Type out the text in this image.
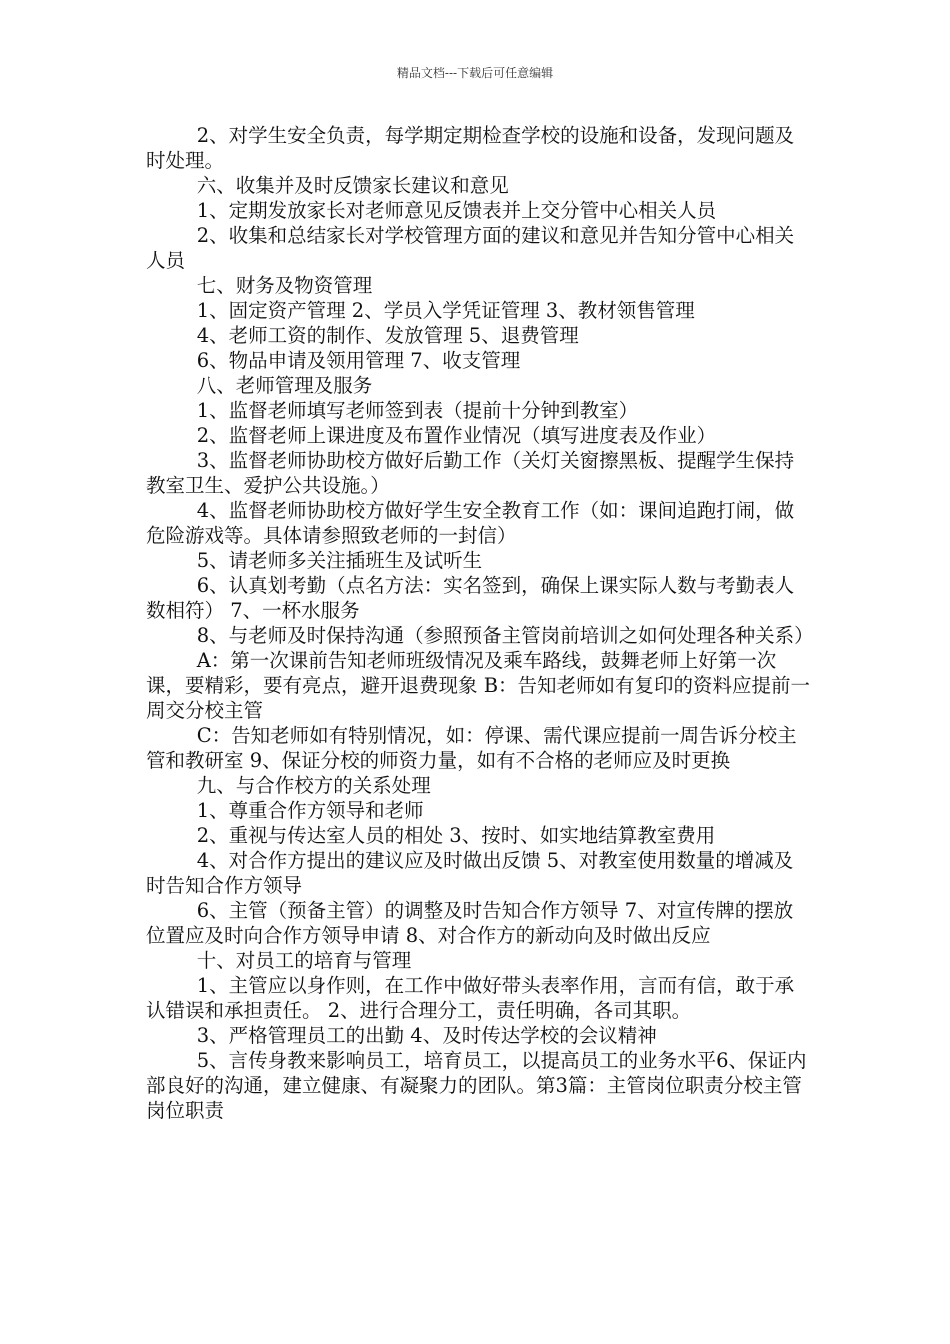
精品文档---下载后可任意编辑

2、对学生安全负责，每学期定期检查学校的设施和设备，发现问题及时处理。

六、收集并及时反馈家长建议和意见

1、定期发放家长对老师意见反馈表并上交分管中心相关人员

2、收集和总结家长对学校管理方面的建议和意见并告知分管中心相关人员

七、财务及物资管理

1、固定资产管理 2、学员入学凭证管理 3、教材领售管理

4、老师工资的制作、发放管理 5、退费管理

6、物品申请及领用管理 7、收支管理

八、老师管理及服务

1、监督老师填写老师签到表（提前十分钟到教室）

2、监督老师上课进度及布置作业情况（填写进度表及作业）

3、监督老师协助校方做好后勤工作（关灯关窗擦黑板、提醒学生保持教室卫生、爱护公共设施。）

4、监督老师协助校方做好学生安全教育工作（如：课间追跑打闹，做危险游戏等。具体请参照致老师的一封信）

5、请老师多关注插班生及试听生

6、认真划考勤（点名方法：实名签到，确保上课实际人数与考勤表人数相符） 7、一杯水服务

8、与老师及时保持沟通（参照预备主管岗前培训之如何处理各种关系）

A：第一次课前告知老师班级情况及乘车路线，鼓舞老师上好第一次课，要精彩，要有亮点，避开退费现象 B：告知老师如有复印的资料应提前一周交分校主管

C：告知老师如有特别情况，如：停课、需代课应提前一周告诉分校主管和教研室 9、保证分校的师资力量，如有不合格的老师应及时更换

九、与合作校方的关系处理

1、尊重合作方领导和老师

2、重视与传达室人员的相处 3、按时、如实地结算教室费用

4、对合作方提出的建议应及时做出反馈 5、对教室使用数量的增减及时告知合作方领导

6、主管（预备主管）的调整及时告知合作方领导 7、对宣传牌的摆放位置应及时向合作方领导申请 8、对合作方的新动向及时做出反应

十、对员工的培育与管理

1、主管应以身作则，在工作中做好带头表率作用，言而有信，敢于承认错误和承担责任。 2、进行合理分工，责任明确，各司其职。

3、严格管理员工的出勤 4、及时传达学校的会议精神

5、言传身教来影响员工，培育员工，以提高员工的业务水平6、保证内部良好的沟通，建立健康、有凝聚力的团队。第3篇：主管岗位职责分校主管岗位职责
